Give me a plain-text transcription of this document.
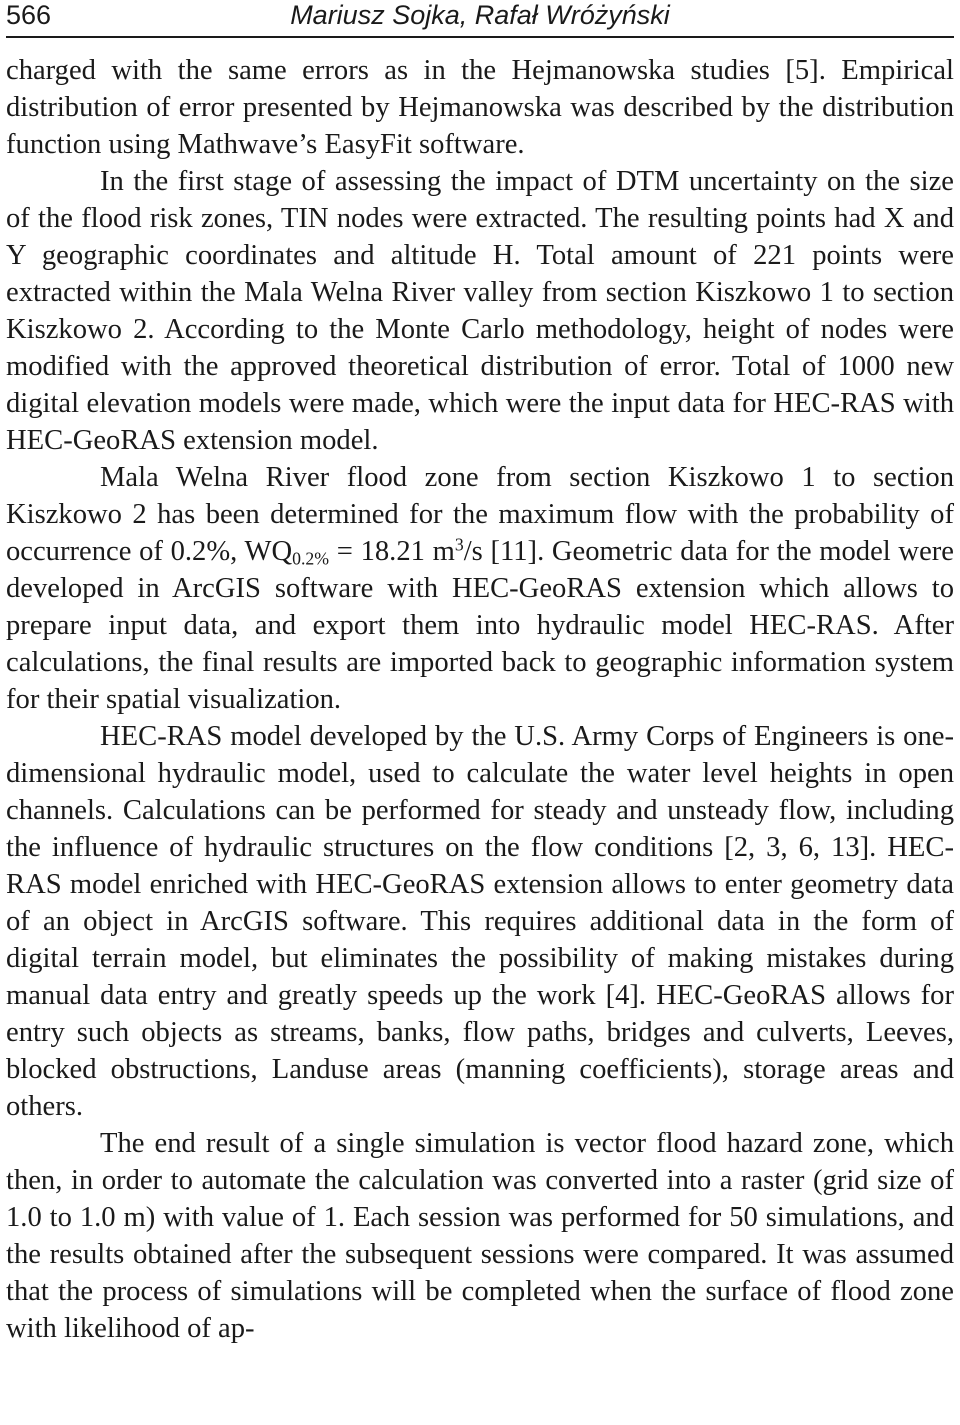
566	Mariusz Sojka, Rafał Wróżyński

charged with the same errors as in the Hejmanowska studies [5]. Empirical distribution of error presented by Hejmanowska was described by the distribution function using Mathwave’s EasyFit software.

In the first stage of assessing the impact of DTM uncertainty on the size of the flood risk zones, TIN nodes were extracted. The resulting points had X and Y geographic coordinates and altitude H. Total amount of 221 points were extracted within the Mala Welna River valley from section Kiszkowo 1 to section Kiszkowo 2. According to the Monte Carlo methodology, height of nodes were modified with the approved theoretical distribution of error. Total of 1000 new digital elevation models were made, which were the input data for HEC-RAS with HEC-GeoRAS extension model.

Mala Welna River flood zone from section Kiszkowo 1 to section Kiszkowo 2 has been determined for the maximum flow with the probability of occurrence of 0.2%, $WQ_{0.2\%} = 18.21$ $m^3/s$ [11]. Geometric data for the model were developed in ArcGIS software with HEC-GeoRAS extension which allows to prepare input data, and export them into hydraulic model HEC-RAS. After calculations, the final results are imported back to geographic information system for their spatial visualization.

HEC-RAS model developed by the U.S. Army Corps of Engineers is one-dimensional hydraulic model, used to calculate the water level heights in open channels. Calculations can be performed for steady and unsteady flow, including the influence of hydraulic structures on the flow conditions [2, 3, 6, 13]. HEC-RAS model enriched with HEC-GeoRAS extension allows to enter geometry data of an object in ArcGIS software. This requires additional data in the form of digital terrain model, but eliminates the possibility of making mistakes during manual data entry and greatly speeds up the work [4]. HEC-GeoRAS allows for entry such objects as streams, banks, flow paths, bridges and culverts, Leeves, blocked obstructions, Landuse areas (manning coefficients), storage areas and others.

The end result of a single simulation is vector flood hazard zone, which then, in order to automate the calculation was converted into a raster (grid size of 1.0 to 1.0 m) with value of 1. Each session was performed for 50 simulations, and the results obtained after the subsequent sessions were compared. It was assumed that the process of simulations will be completed when the surface of flood zone with likelihood of ap-
